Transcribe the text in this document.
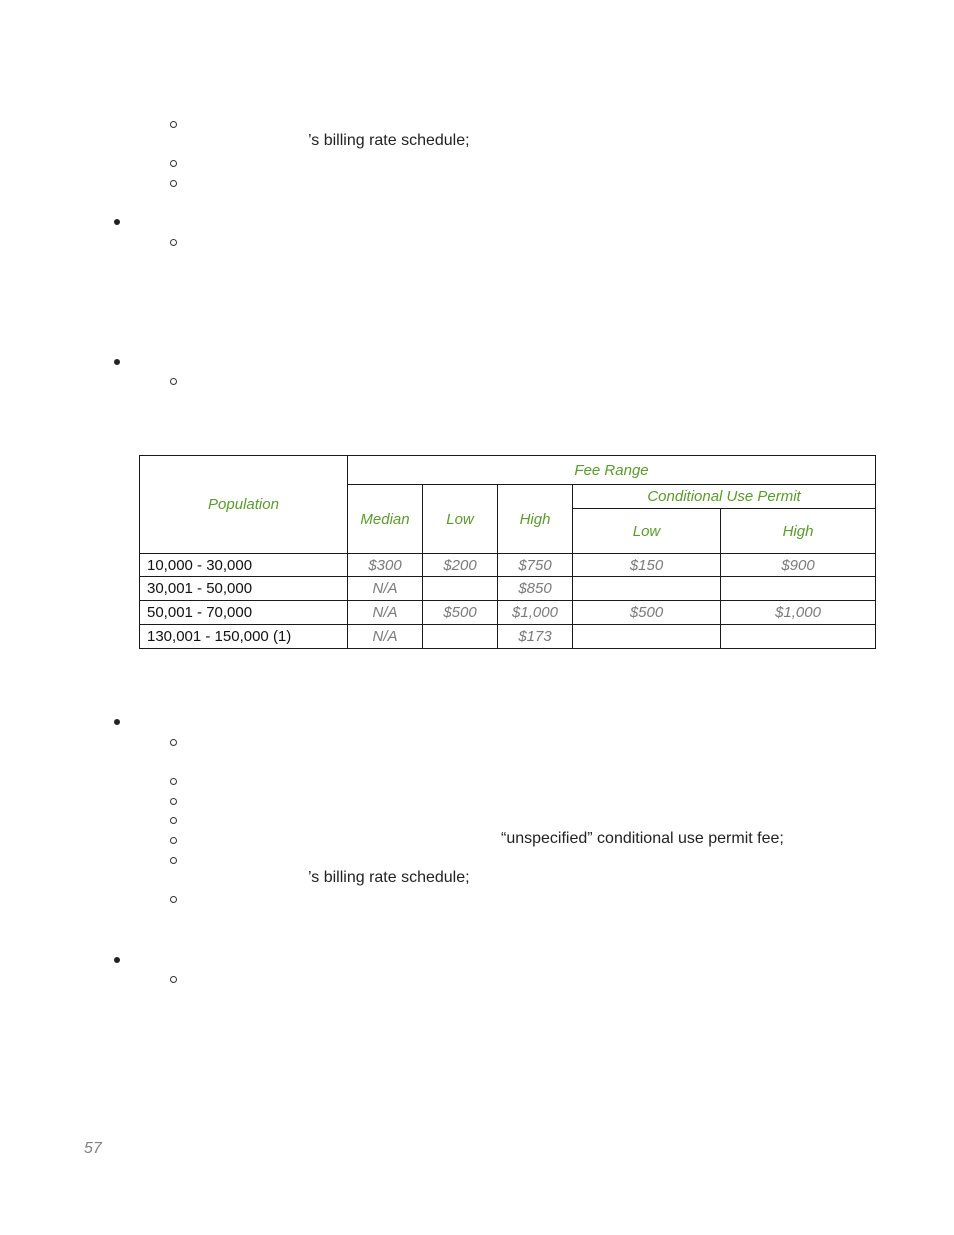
’s billing rate schedule;
Population	Fee Range				
	Median	Low	High	Conditional Use Permit	
				Low	High
10,000 - 30,000	$300	$200	$750	$150	$900
30,001 - 50,000	N/A		$850		
50,001 - 70,000	N/A	$500	$1,000	$500	$1,000
130,001 - 150,000 (1)	N/A		$173		
“unspecified” conditional use permit fee;
’s billing rate schedule;
57
